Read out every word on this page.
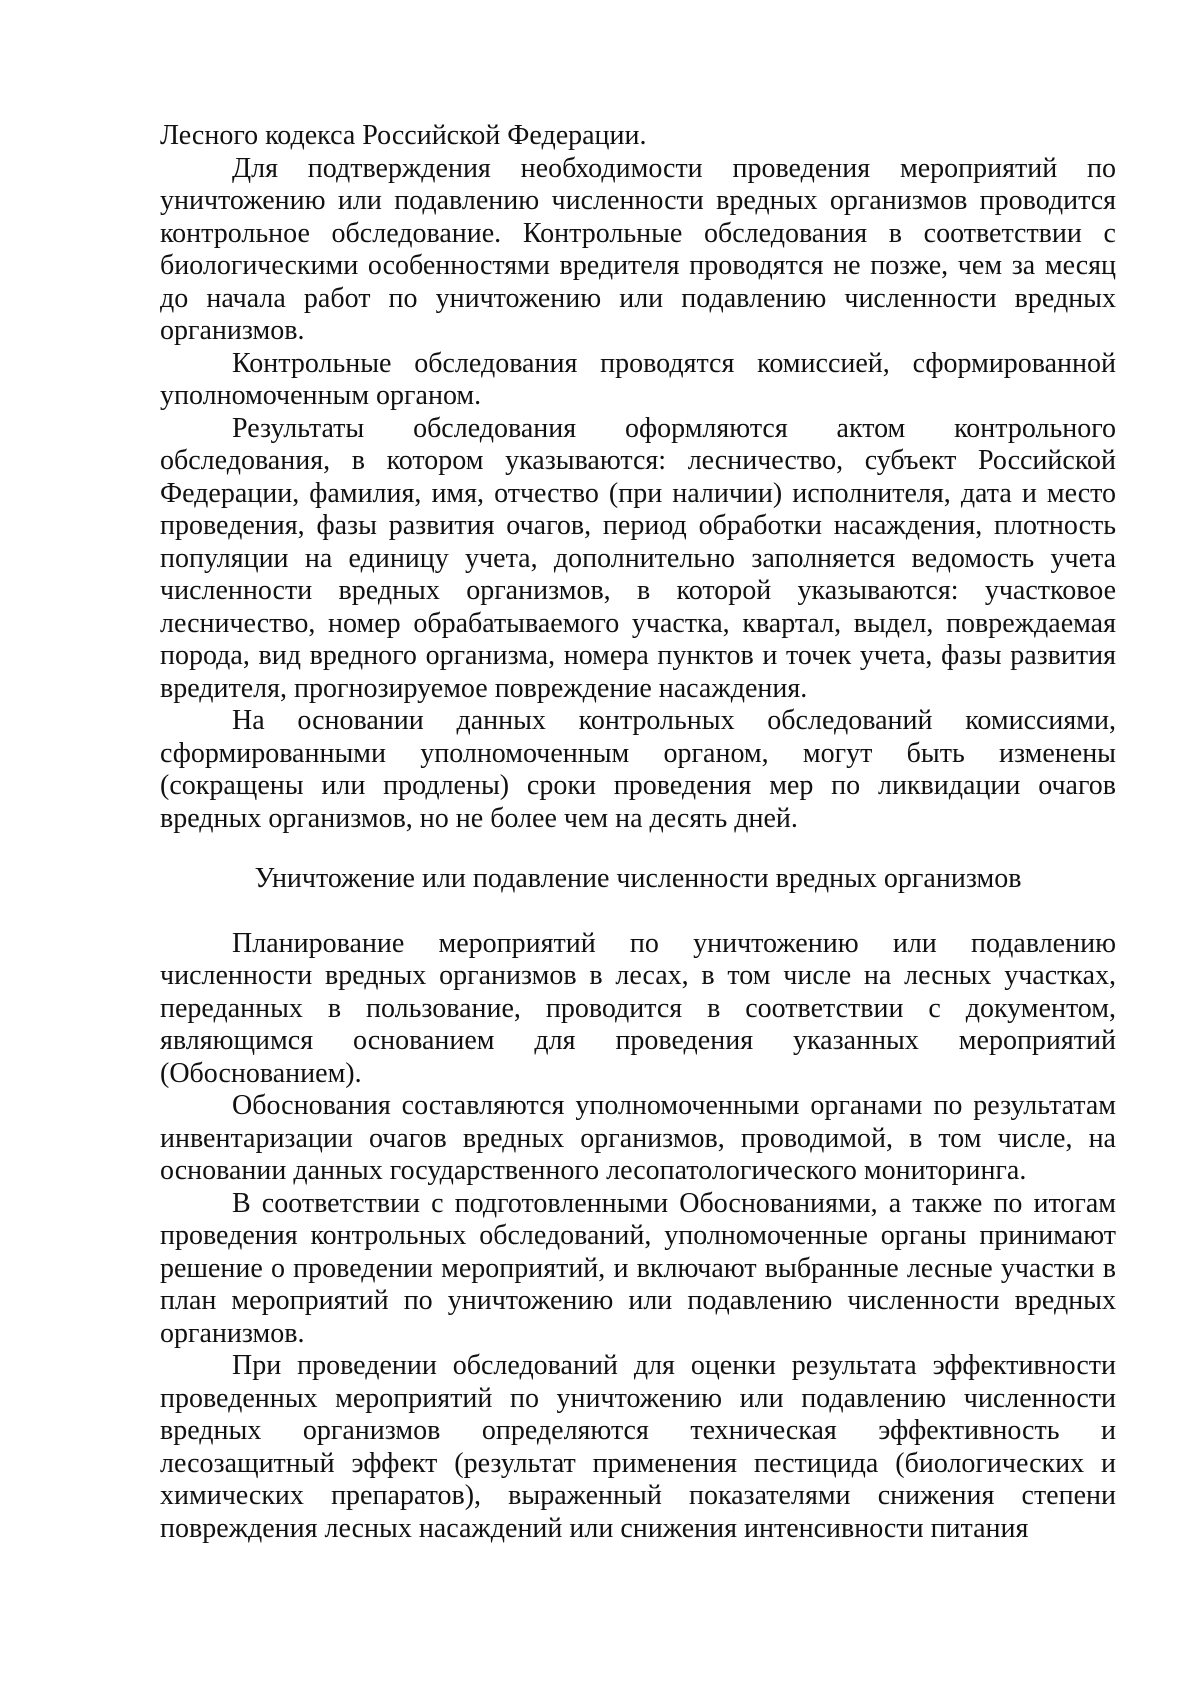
Лесного кодекса Российской Федерации.

Для подтверждения необходимости проведения мероприятий по уничтожению или подавлению численности вредных организмов проводится контрольное обследование. Контрольные обследования в соответствии с биологическими особенностями вредителя проводятся не позже, чем за месяц до начала работ по уничтожению или подавлению численности вредных организмов.

Контрольные обследования проводятся комиссией, сформированной уполномоченным органом.

Результаты обследования оформляются актом контрольного обследования, в котором указываются: лесничество, субъект Российской Федерации, фамилия, имя, отчество (при наличии) исполнителя, дата и место проведения, фазы развития очагов, период обработки насаждения, плотность популяции на единицу учета, дополнительно заполняется ведомость учета численности вредных организмов, в которой указываются: участковое лесничество, номер обрабатываемого участка, квартал, выдел, повреждаемая порода, вид вредного организма, номера пунктов и точек учета, фазы развития вредителя, прогнозируемое повреждение насаждения.

На основании данных контрольных обследований комиссиями, сформированными уполномоченным органом, могут быть изменены (сокращены или продлены) сроки проведения мер по ликвидации очагов вредных организмов, но не более чем на десять дней.

Уничтожение или подавление численности вредных организмов

Планирование мероприятий по уничтожению или подавлению численности вредных организмов в лесах, в том числе на лесных участках, переданных в пользование, проводится в соответствии с документом, являющимся основанием для проведения указанных мероприятий (Обоснованием).

Обоснования составляются уполномоченными органами по результатам инвентаризации очагов вредных организмов, проводимой, в том числе, на основании данных государственного лесопатологического мониторинга.

В соответствии с подготовленными Обоснованиями, а также по итогам проведения контрольных обследований, уполномоченные органы принимают решение о проведении мероприятий, и включают выбранные лесные участки в план мероприятий по уничтожению или подавлению численности вредных организмов.

При проведении обследований для оценки результата эффективности проведенных мероприятий по уничтожению или подавлению численности вредных организмов определяются техническая эффективность и лесозащитный эффект (результат применения пестицида (биологических и химических препаратов), выраженный показателями снижения степени повреждения лесных насаждений или снижения интенсивности питания
